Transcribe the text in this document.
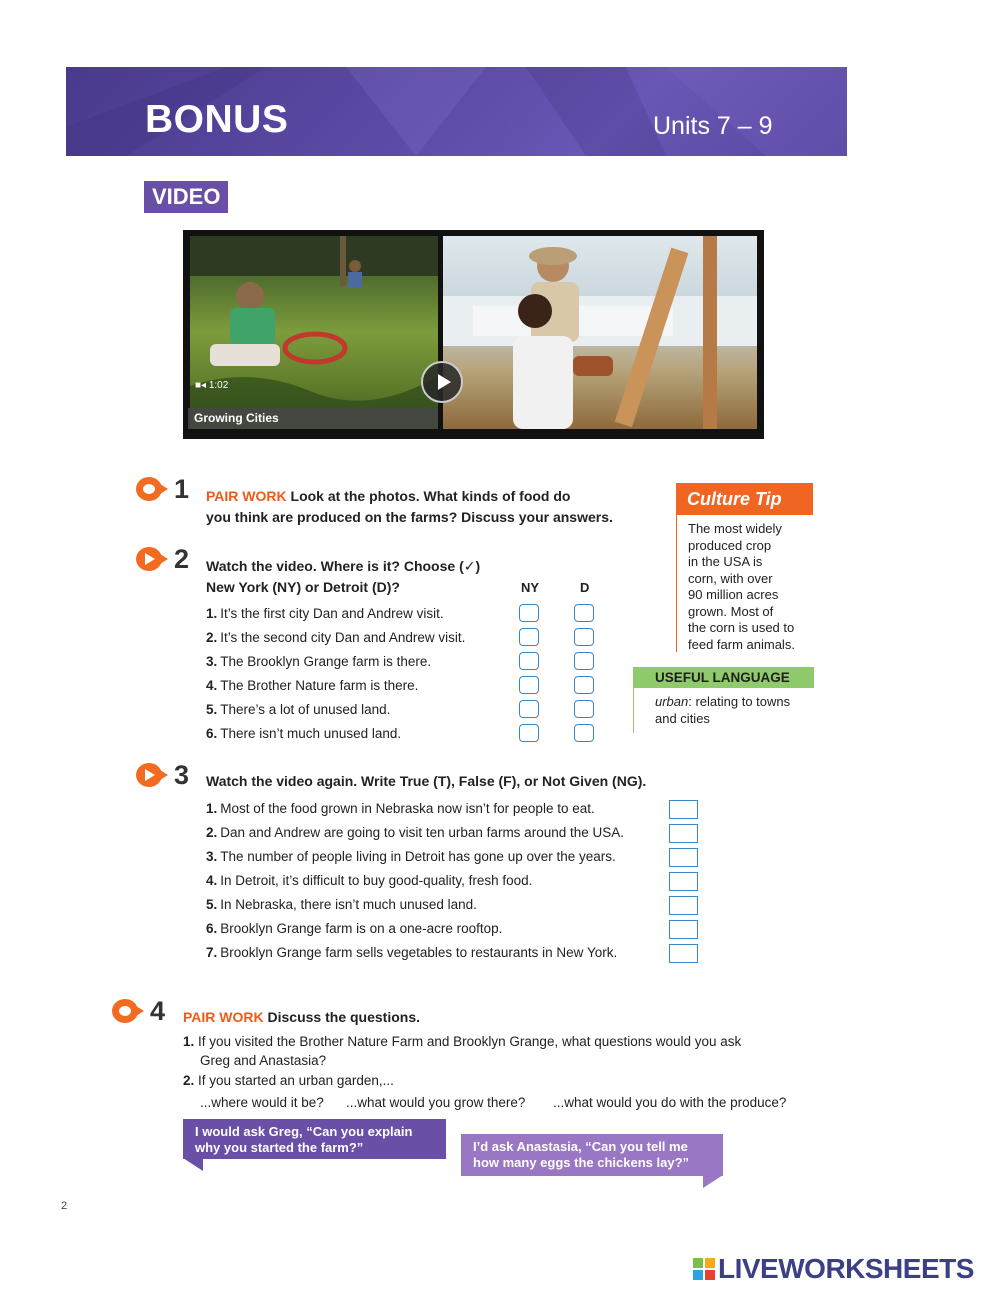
BONUS	Units 7 – 9
VIDEO
■◂ 1:02
Growing Cities
1 PAIR WORK Look at the photos. What kinds of food do
you think are produced on the farms? Discuss your answers.
2 Watch the video. Where is it? Choose (✓)
New York (NY) or Detroit (D)?	NY	D
1. It’s the first city Dan and Andrew visit.
2. It’s the second city Dan and Andrew visit.
3. The Brooklyn Grange farm is there.
4. The Brother Nature farm is there.
5. There’s a lot of unused land.
6. There isn’t much unused land.
Culture Tip
The most widely
produced crop
in the USA is
corn, with over
90 million acres
grown. Most of
the corn is used to
feed farm animals.
USEFUL LANGUAGE
urban: relating to towns
and cities
3 Watch the video again. Write True (T), False (F), or Not Given (NG).
1. Most of the food grown in Nebraska now isn’t for people to eat.
2. Dan and Andrew are going to visit ten urban farms around the USA.
3. The number of people living in Detroit has gone up over the years.
4. In Detroit, it’s difficult to buy good-quality, fresh food.
5. In Nebraska, there isn’t much unused land.
6. Brooklyn Grange farm is on a one-acre rooftop.
7. Brooklyn Grange farm sells vegetables to restaurants in New York.
4 PAIR WORK Discuss the questions.
1. If you visited the Brother Nature Farm and Brooklyn Grange, what questions would you ask
Greg and Anastasia?
2. If you started an urban garden,...
...where would it be? ...what would you grow there? ...what would you do with the produce?
I would ask Greg, “Can you explain
why you started the farm?”	I’d ask Anastasia, “Can you tell me
how many eggs the chickens lay?”
2
LIVEWORKSHEETS
